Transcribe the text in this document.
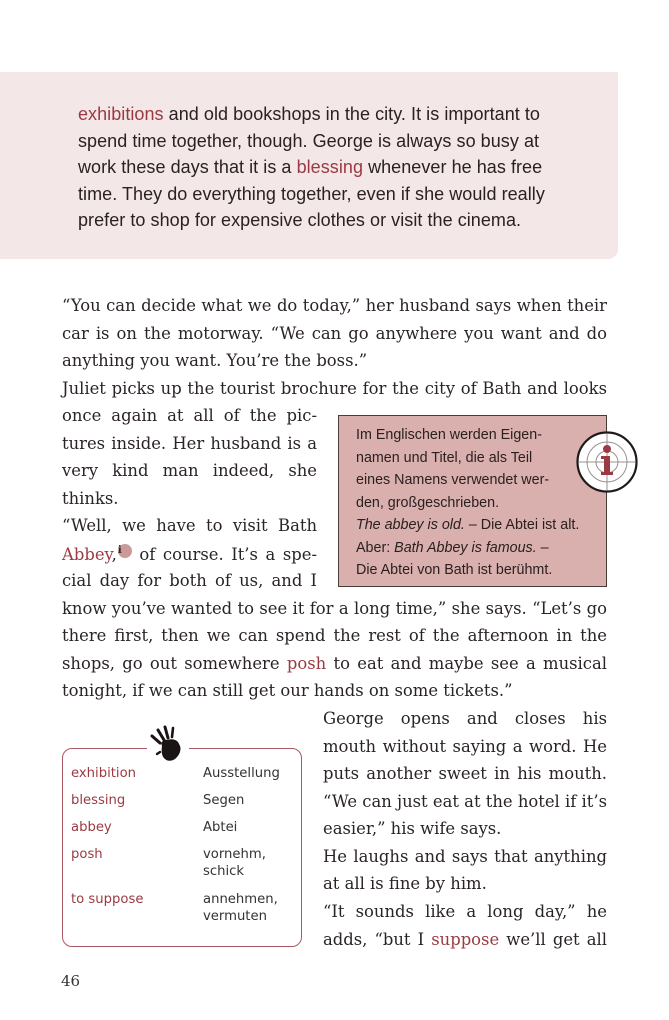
exhibitions and old bookshops in the city. It is important to
spend time together, though. George is always so busy at
work these days that it is a blessing whenever he has free
time. They do everything together, even if she would really
prefer to shop for expensive clothes or visit the cinema.
“You can decide what we do today,” her husband says when their
car is on the motorway. “We can go anywhere you want and do
anything you want. You’re the boss.”
Juliet picks up the tourist brochure for the city of Bath and looks
once again at all of the pic-
tures inside. Her husband is a
very kind man indeed, she
thinks.
“Well, we have to visit Bath
Abbey,i of course. It’s a spe-
cial day for both of us, and I
know you’ve wanted to see it for a long time,” she says. “Let’s go
there first, then we can spend the rest of the afternoon in the
shops, go out somewhere posh to eat and maybe see a musical
tonight, if we can still get our hands on some tickets.”
George opens and closes his
mouth without saying a word. He
puts another sweet in his mouth.
“We can just eat at the hotel if it’s
easier,” his wife says.
He laughs and says that anything
at all is fine by him.
“It sounds like a long day,” he
adds, “but I suppose we’ll get all
Im Englischen werden Eigen-
namen und Titel, die als Teil
eines Namens verwendet wer-
den, großgeschrieben.
The abbey is old. – Die Abtei ist alt.
Aber: Bath Abbey is famous. –
Die Abtei von Bath ist berühmt.
exhibition	Ausstellung
blessing	Segen
abbey	Abtei
posh	vornehm,
schick
to suppose	annehmen,
vermuten
46
